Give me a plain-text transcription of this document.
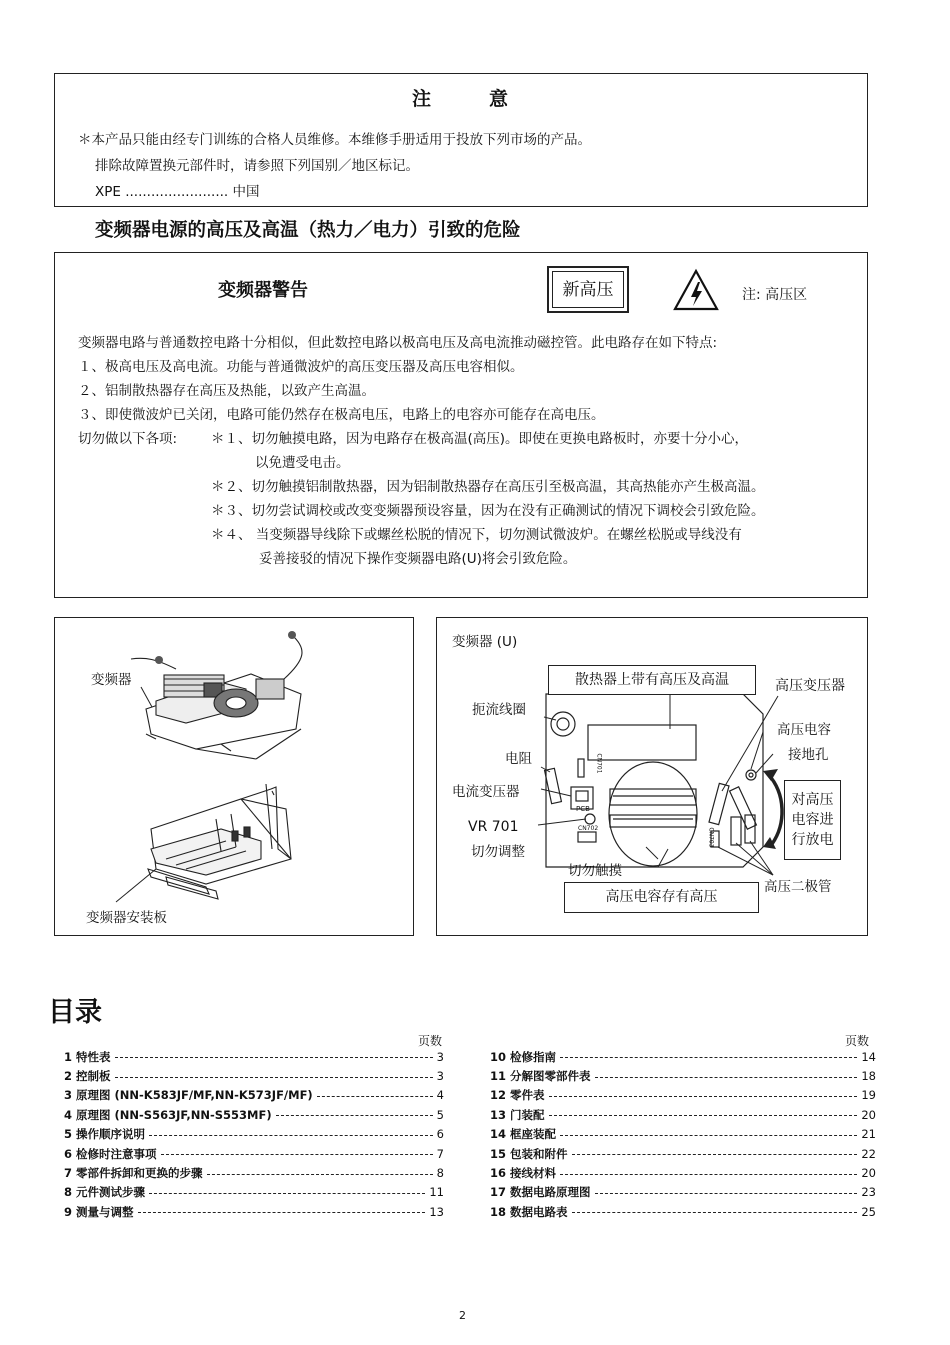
注	意
＊本产品只能由经专门训练的合格人员维修。本维修手册适用于投放下列市场的产品。
排除故障置换元部件时，请参照下列国别／地区标记。
XPE ........................ 中国
变频器电源的高压及高温（热力／电力）引致的危险
变频器警告	新高压	注: 高压区
变频器电路与普通数控电路十分相似，但此数控电路以极高电压及高电流推动磁控管。此电路存在如下特点:
１、极高电压及高电流。功能与普通微波炉的高压变压器及高压电容相似。
２、铝制散热器存在高压及热能，以致产生高温。
３、即使微波炉已关闭，电路可能仍然存在极高电压，电路上的电容亦可能存在高电压。
切勿做以下各项:	＊１、切勿触摸电路，因为电路存在极高温(高压)。即使在更换电路板时，亦要十分小心，
以免遭受电击。
＊２、切勿触摸铝制散热器，因为铝制散热器存在高压引至极高温，其高热能亦产生极高温。
＊３、切勿尝试调校或改变变频器预设容量，因为在没有正确测试的情况下调校会引致危险。
＊４、 当变频器导线除下或螺丝松脱的情况下，切勿测试微波炉。在螺丝松脱或导线没有
妥善接驳的情况下操作变频器电路(U)将会引致危险。
变频器
变频器安装板
变频器 (U)
散热器上带有高压及高温	高压变压器
扼流线圈
高压电容
接地孔
电阻
电流变压器	对高压
电容进
行放电
VR 701
切勿调整
切勿触摸
高压二极管
高压电容存有高压
PCB
CN702
CN701
CN703
目录
页数	页数
1 特性表	3
2 控制板	3
3 原理图 (NN-K583JF/MF,NN-K573JF/MF)	4
4 原理图 (NN-S563JF,NN-S553MF)	5
5 操作顺序说明	6
6 检修时注意事项	7
7 零部件拆卸和更换的步骤	8
8 元件测试步骤	11
9 测量与调整	13
10 检修指南	14
11 分解图零部件表	18
12 零件表	19
13 门装配	20
14 框座装配	21
15 包装和附件	22
16 接线材料	20
17 数据电路原理图	23
18 数据电路表	25
2
